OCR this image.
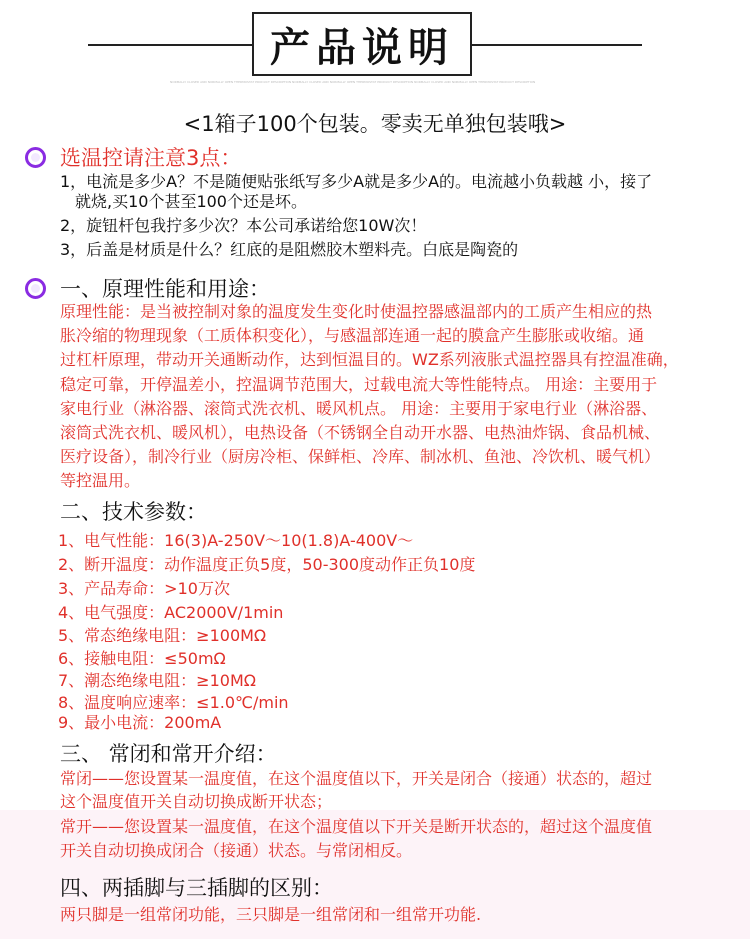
产品说明
NORMALLY CLOSED AND NORMALLY OPEN THERMOSTAT PRODUCT DESCRIPTION NORMALLY CLOSED AND NORMALLY OPEN THERMOSTAT PRODUCT DESCRIPTION NORMALLY CLOSED AND NORMALLY OPEN THERMOSTAT PRODUCT DESCRIPTION
<1箱子100个包装。零卖无单独包装哦>
选温控请注意3点：
1，电流是多少A？不是随便贴张纸写多少A就是多少A的。电流越小负载越 小，接了
就烧,买10个甚至100个还是坏。
2，旋钮杆包我拧多少次？本公司承诺给您10W次！
3，后盖是材质是什么？红底的是阻燃胶木塑料壳。白底是陶瓷的
一、原理性能和用途：
原理性能：是当被控制对象的温度发生变化时使温控器感温部内的工质产生相应的热
胀冷缩的物理现象（工质体积变化），与感温部连通一起的膜盒产生膨胀或收缩。通
过杠杆原理，带动开关通断动作，达到恒温目的。WZ系列液胀式温控器具有控温准确，
稳定可靠，开停温差小，控温调节范围大，过载电流大等性能特点。 用途：主要用于
家电行业（淋浴器、滚筒式洗衣机、暖风机点。 用途：主要用于家电行业（淋浴器、
滚筒式洗衣机、暖风机），电热设备（不锈钢全自动开水器、电热油炸锅、食品机械、
医疗设备），制冷行业（厨房冷柜、保鲜柜、冷库、制冰机、鱼池、冷饮机、暖气机）
等控温用。
二、技术参数：
1、电气性能：16(3)A-250V～10(1.8)A-400V～
2、断开温度：动作温度正负5度，50-300度动作正负10度
3、产品寿命：>10万次
4、电气强度：AC2000V/1min
5、常态绝缘电阻：≥100MΩ
6、接触电阻：≤50mΩ
7、潮态绝缘电阻：≥10MΩ
8、温度响应速率：≤1.0℃/min
9、最小电流：200mA
三、 常闭和常开介绍：
常闭——您设置某一温度值，在这个温度值以下，开关是闭合（接通）状态的，超过
这个温度值开关自动切换成断开状态；
常开——您设置某一温度值，在这个温度值以下开关是断开状态的，超过这个温度值
开关自动切换成闭合（接通）状态。与常闭相反。
四、两插脚与三插脚的区别：
两只脚是一组常闭功能，三只脚是一组常闭和一组常开功能.
